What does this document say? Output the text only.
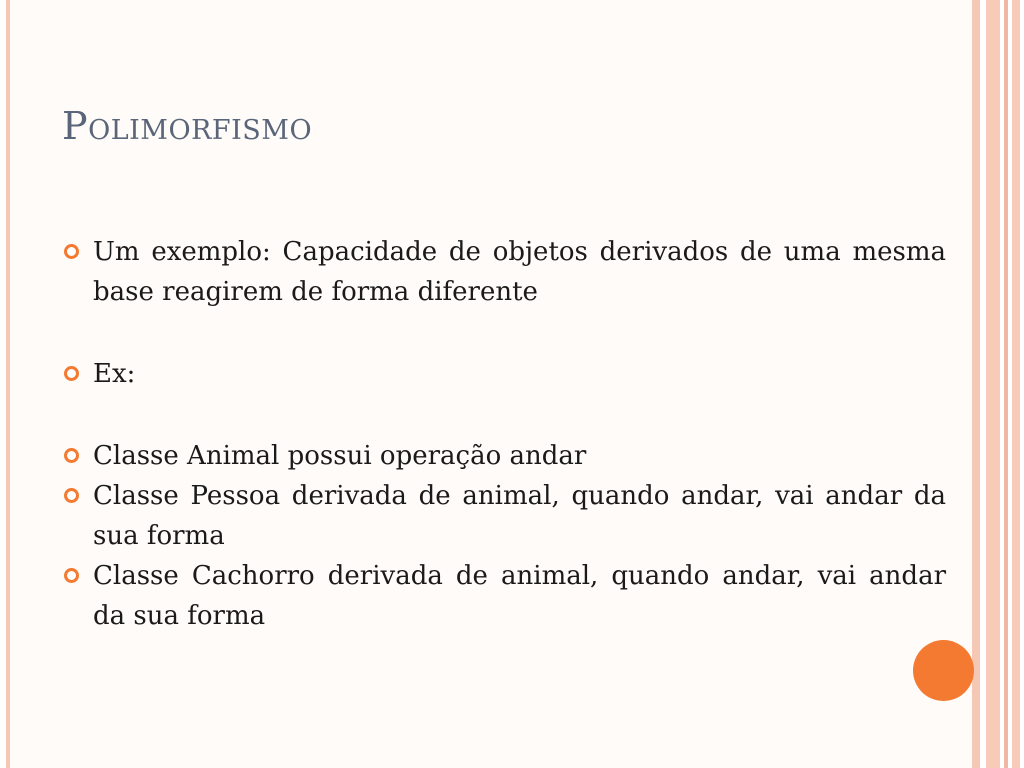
Polimorfismo
Um exemplo: Capacidade de objetos derivados de uma mesma base reagirem de forma diferente
Ex:
Classe Animal possui operação andar
Classe Pessoa derivada de animal, quando andar, vai andar da sua forma
Classe Cachorro derivada de animal, quando andar, vai andar da sua forma
